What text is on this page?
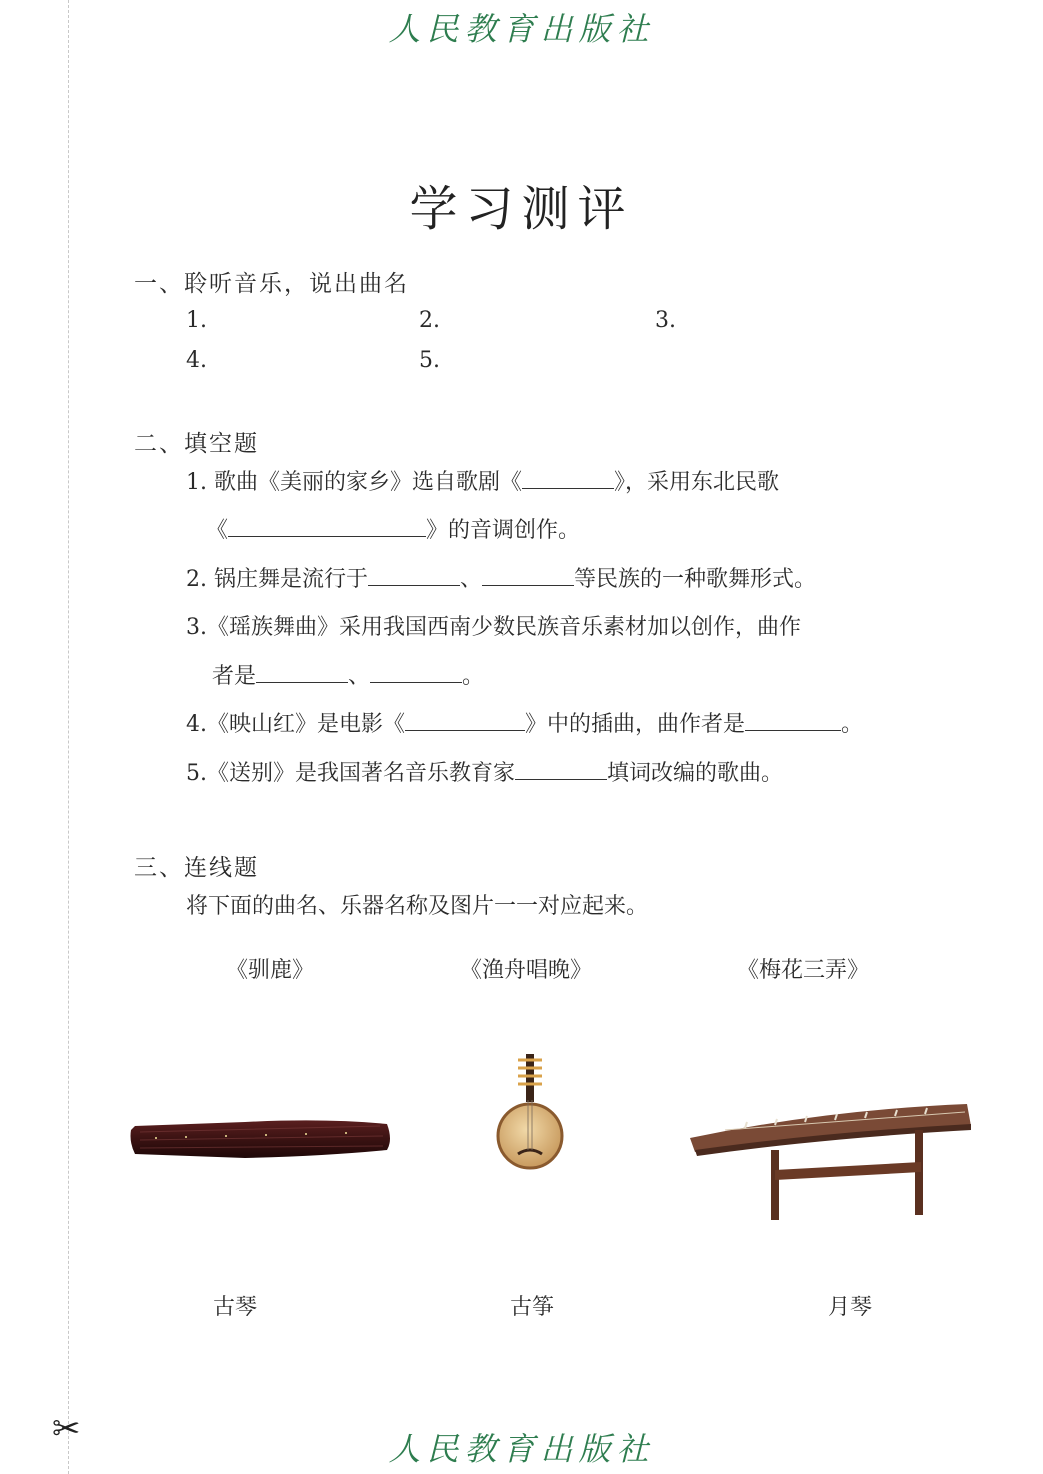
✂
人民教育出版社
学习测评
一、聆听音乐，说出曲名
1.	2.	3.
4.	5.
二、填空题
1. 歌曲《美丽的家乡》选自歌剧《	》，采用东北民歌
《	》的音调创作。
2. 锅庄舞是流行于	、	等民族的一种歌舞形式。
3.《瑶族舞曲》采用我国西南少数民族音乐素材加以创作，曲作
者是	、	。
4.《映山红》是电影《	》中的插曲，曲作者是	。
5.《送别》是我国著名音乐教育家	填词改编的歌曲。
三、连线题
将下面的曲名、乐器名称及图片一一对应起来。
《驯鹿》	《渔舟唱晚》	《梅花三弄》
古琴	古筝	月琴
人民教育出版社
